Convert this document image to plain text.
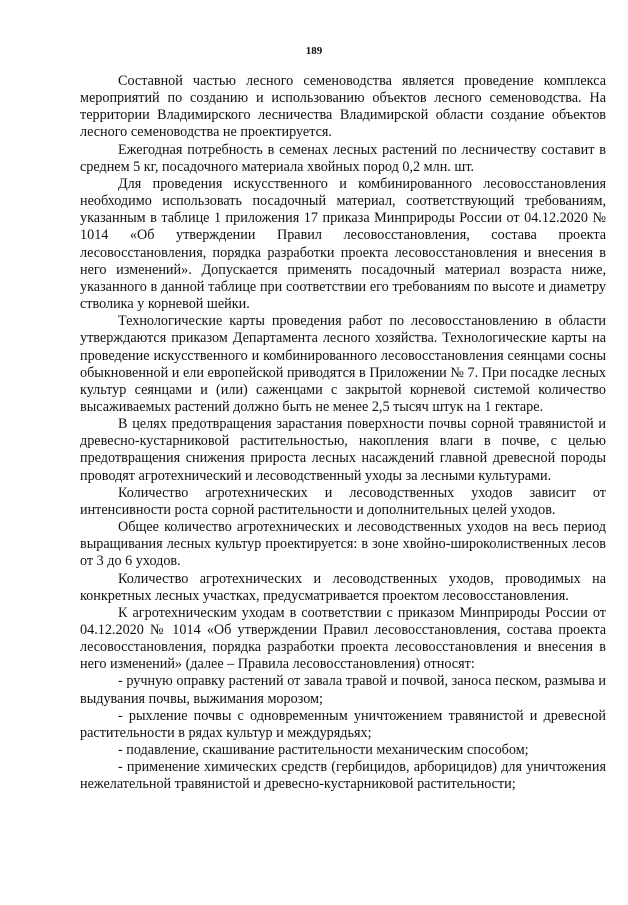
189

Составной частью лесного семеноводства является проведение комплекса мероприятий по созданию и использованию объектов лесного семеноводства. На территории Владимирского лесничества Владимирской области создание объектов лесного семеноводства не проектируется.

Ежегодная потребность в семенах лесных растений по лесничеству составит в среднем 5 кг, посадочного материала хвойных пород 0,2 млн. шт.

Для проведения искусственного и комбинированного лесовосстановления необходимо использовать посадочный материал, соответствующий требованиям, указанным в таблице 1 приложения 17 приказа Минприроды России от 04.12.2020 № 1014 «Об утверждении Правил лесовосстановления, состава проекта лесовосстановления, порядка разработки проекта лесовосстановления и внесения в него изменений». Допускается применять посадочный материал возраста ниже, указанного в данной таблице при соответствии его требованиям по высоте и диаметру стволика у корневой шейки.

Технологические карты проведения работ по лесовосстановлению в области утверждаются приказом Департамента лесного хозяйства. Технологические карты на проведение искусственного и комбинированного лесовосстановления сеянцами сосны обыкновенной и ели европейской приводятся в Приложении № 7. При посадке лесных культур сеянцами и (или) саженцами с закрытой корневой системой количество высаживаемых растений должно быть не менее 2,5 тысяч штук на 1 гектаре.

В целях предотвращения зарастания поверхности почвы сорной травянистой и древесно-кустарниковой растительностью, накопления влаги в почве, с целью предотвращения снижения прироста лесных насаждений главной древесной породы проводят агротехнический и лесоводственный уходы за лесными культурами.

Количество агротехнических и лесоводственных уходов зависит от интенсивности роста сорной растительности и дополнительных целей уходов.

Общее количество агротехнических и лесоводственных уходов на весь период выращивания лесных культур проектируется: в зоне хвойно-широколиственных лесов от 3 до 6 уходов.

Количество агротехнических и лесоводственных уходов, проводимых на конкретных лесных участках, предусматривается проектом лесовосстановления.

К агротехническим уходам в соответствии с приказом Минприроды России от 04.12.2020 № 1014 «Об утверждении Правил лесовосстановления, состава проекта лесовосстановления, порядка разработки проекта лесовосстановления и внесения в него изменений» (далее – Правила лесовосстановления) относят:

- ручную оправку растений от завала травой и почвой, заноса песком, размыва и выдувания почвы, выжимания морозом;

- рыхление почвы с одновременным уничтожением травянистой и древесной растительности в рядах культур и междурядьях;

- подавление, скашивание растительности механическим способом;

- применение химических средств (гербицидов, арборицидов) для уничтожения нежелательной травянистой и древесно-кустарниковой растительности;
